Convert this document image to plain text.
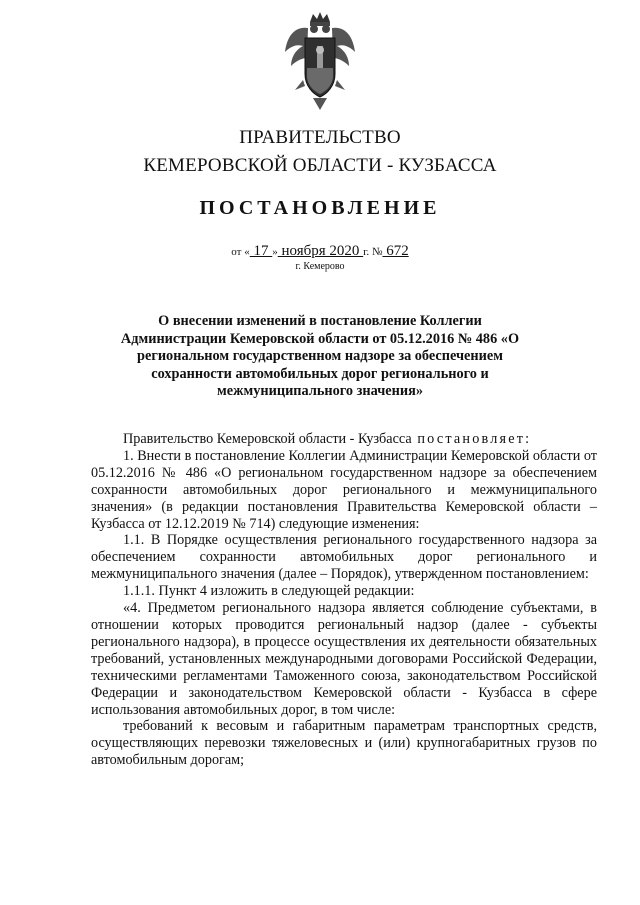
ПРАВИТЕЛЬСТВО
КЕМЕРОВСКОЙ ОБЛАСТИ - КУЗБАССА
ПОСТАНОВЛЕНИЕ
от « 17 » ноября 2020 г. № 672
г. Кемерово
О внесении изменений в постановление Коллегии Администрации Кемеровской области от 05.12.2016 № 486 «О региональном государственном надзоре за обеспечением сохранности автомобильных дорог регионального и межмуниципального значения»

Правительство Кемеровской области - Кузбасса постановляет:

1. Внести в постановление Коллегии Администрации Кемеровской области от 05.12.2016 № 486 «О региональном государственном надзоре за обеспечением сохранности автомобильных дорог регионального и межмуниципального значения» (в редакции постановления Правительства Кемеровской области – Кузбасса от 12.12.2019 № 714) следующие изменения:

1.1. В Порядке осуществления регионального государственного надзора за обеспечением сохранности автомобильных дорог регионального и межмуниципального значения (далее – Порядок), утвержденном постановлением:

1.1.1. Пункт 4 изложить в следующей редакции:

«4. Предметом регионального надзора является соблюдение субъектами, в отношении которых проводится региональный надзор (далее - субъекты регионального надзора), в процессе осуществления их деятельности обязательных требований, установленных международными договорами Российской Федерации, техническими регламентами Таможенного союза, законодательством Российской Федерации и законодательством Кемеровской области - Кузбасса в сфере использования автомобильных дорог, в том числе:

требований к весовым и габаритным параметрам транспортных средств, осуществляющих перевозки тяжеловесных и (или) крупногабаритных грузов по автомобильным дорогам;
